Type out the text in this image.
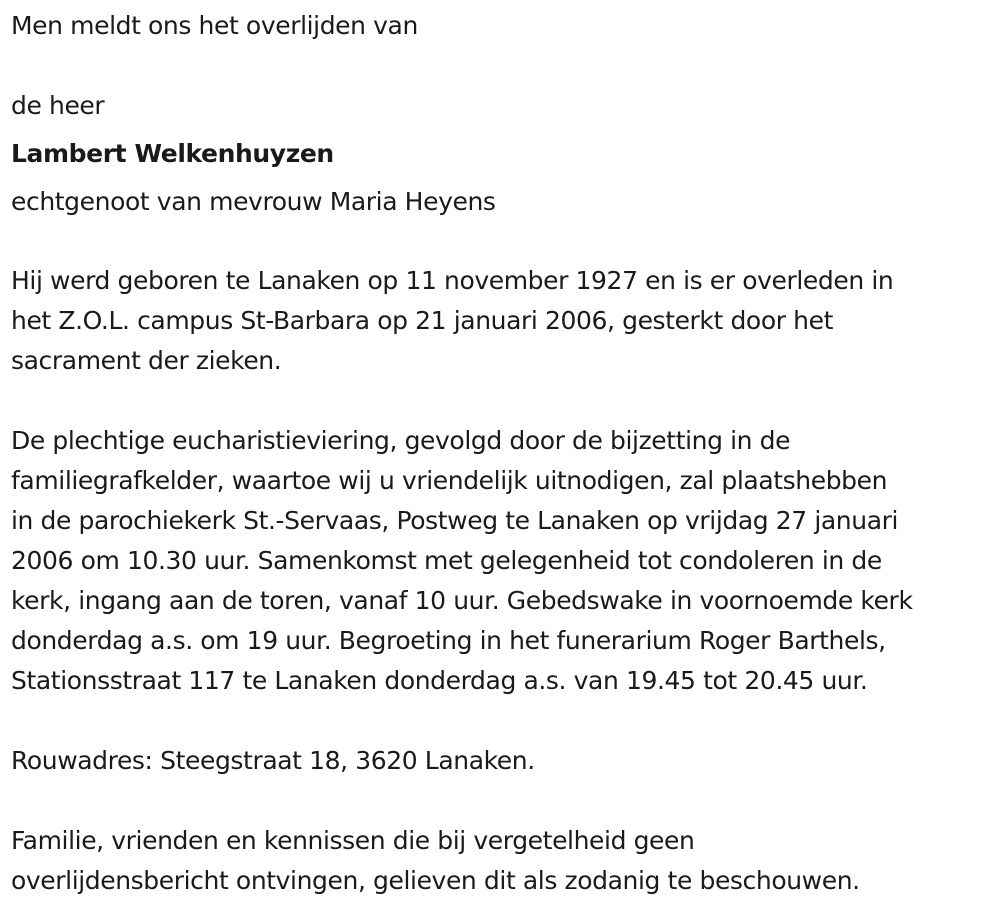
Men meldt ons het overlijden van
de heer
Lambert Welkenhuyzen
echtgenoot van mevrouw Maria Heyens

Hij werd geboren te Lanaken op 11 november 1927 en is er overleden in

het Z.O.L. campus St-Barbara op 21 januari 2006, gesterkt door het

sacrament der zieken.

De plechtige eucharistieviering, gevolgd door de bijzetting in de

familiegrafkelder, waartoe wij u vriendelijk uitnodigen, zal plaatshebben

in de parochiekerk St.-Servaas, Postweg te Lanaken op vrijdag 27 januari

2006 om 10.30 uur. Samenkomst met gelegenheid tot condoleren in de

kerk, ingang aan de toren, vanaf 10 uur. Gebedswake in voornoemde kerk

donderdag a.s. om 19 uur. Begroeting in het funerarium Roger Barthels,

Stationsstraat 117 te Lanaken donderdag a.s. van 19.45 tot 20.45 uur.

Rouwadres: Steegstraat 18, 3620 Lanaken.

Familie, vrienden en kennissen die bij vergetelheid geen

overlijdensbericht ontvingen, gelieven dit als zodanig te beschouwen.
